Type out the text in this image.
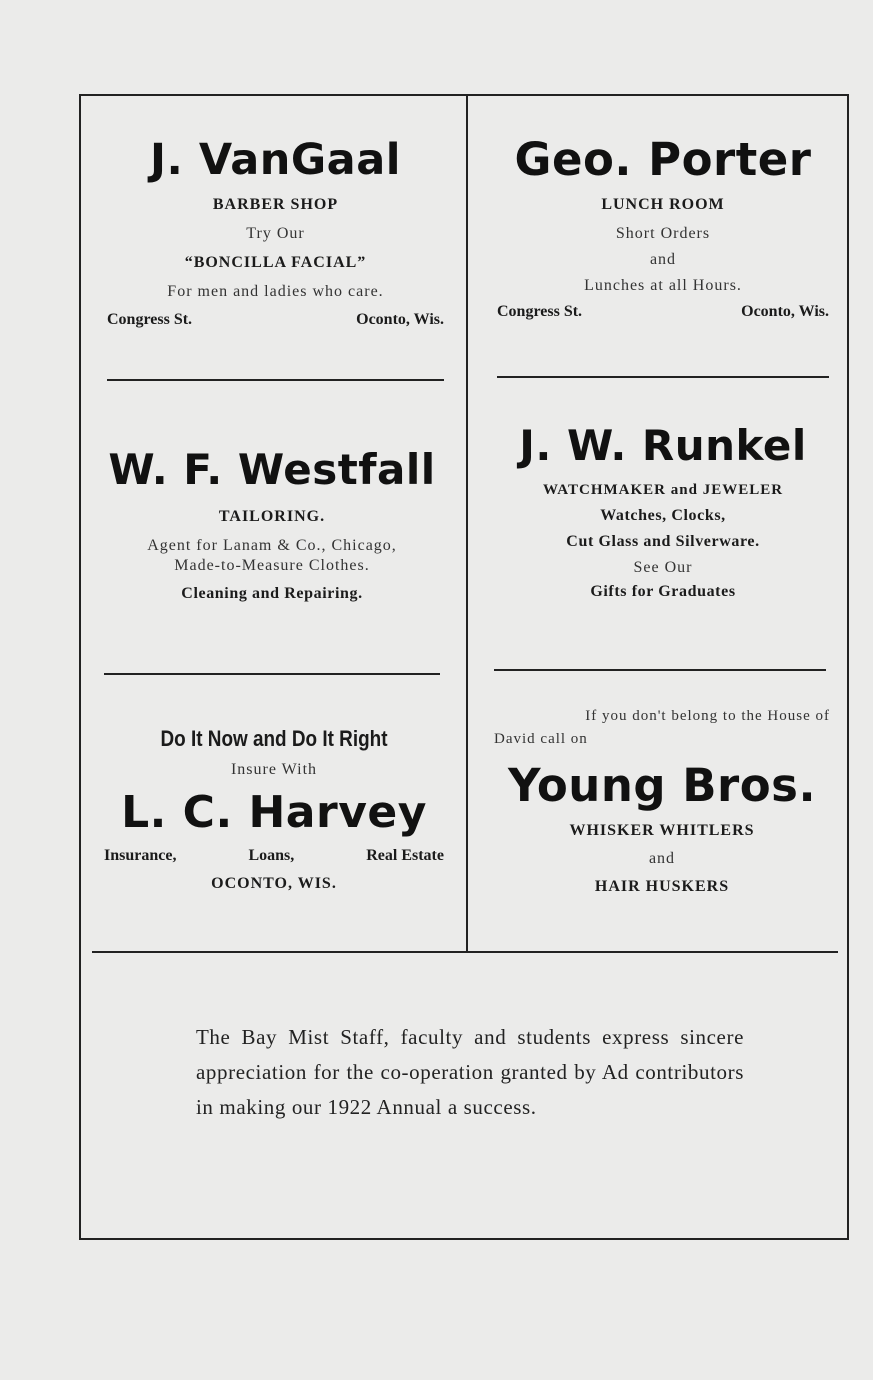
J. VanGaal
BARBER SHOP
Try Our
“BONCILLA FACIAL”
For men and ladies who care.
Congress St.	Oconto, Wis.
Geo. Porter
LUNCH ROOM
Short Orders
and
Lunches at all Hours.
Congress St.	Oconto, Wis.
W. F. Westfall
TAILORING.
Agent for Lanam & Co., Chicago,
Made-to-Measure Clothes.
Cleaning and Repairing.
J. W. Runkel
WATCHMAKER and JEWELER
Watches, Clocks,
Cut Glass and Silverware.
See Our
Gifts for Graduates
Do It Now and Do It Right
Insure With
L. C. Harvey
Insurance,	Loans,	Real Estate
OCONTO, WIS.
If you don't belong to the House of
David call on
Young Bros.
WHISKER WHITLERS
and
HAIR HUSKERS
The Bay Mist Staff, faculty and students express sincere appreciation for the co-operation granted by Ad contributors in making our 1922 Annual a success.
